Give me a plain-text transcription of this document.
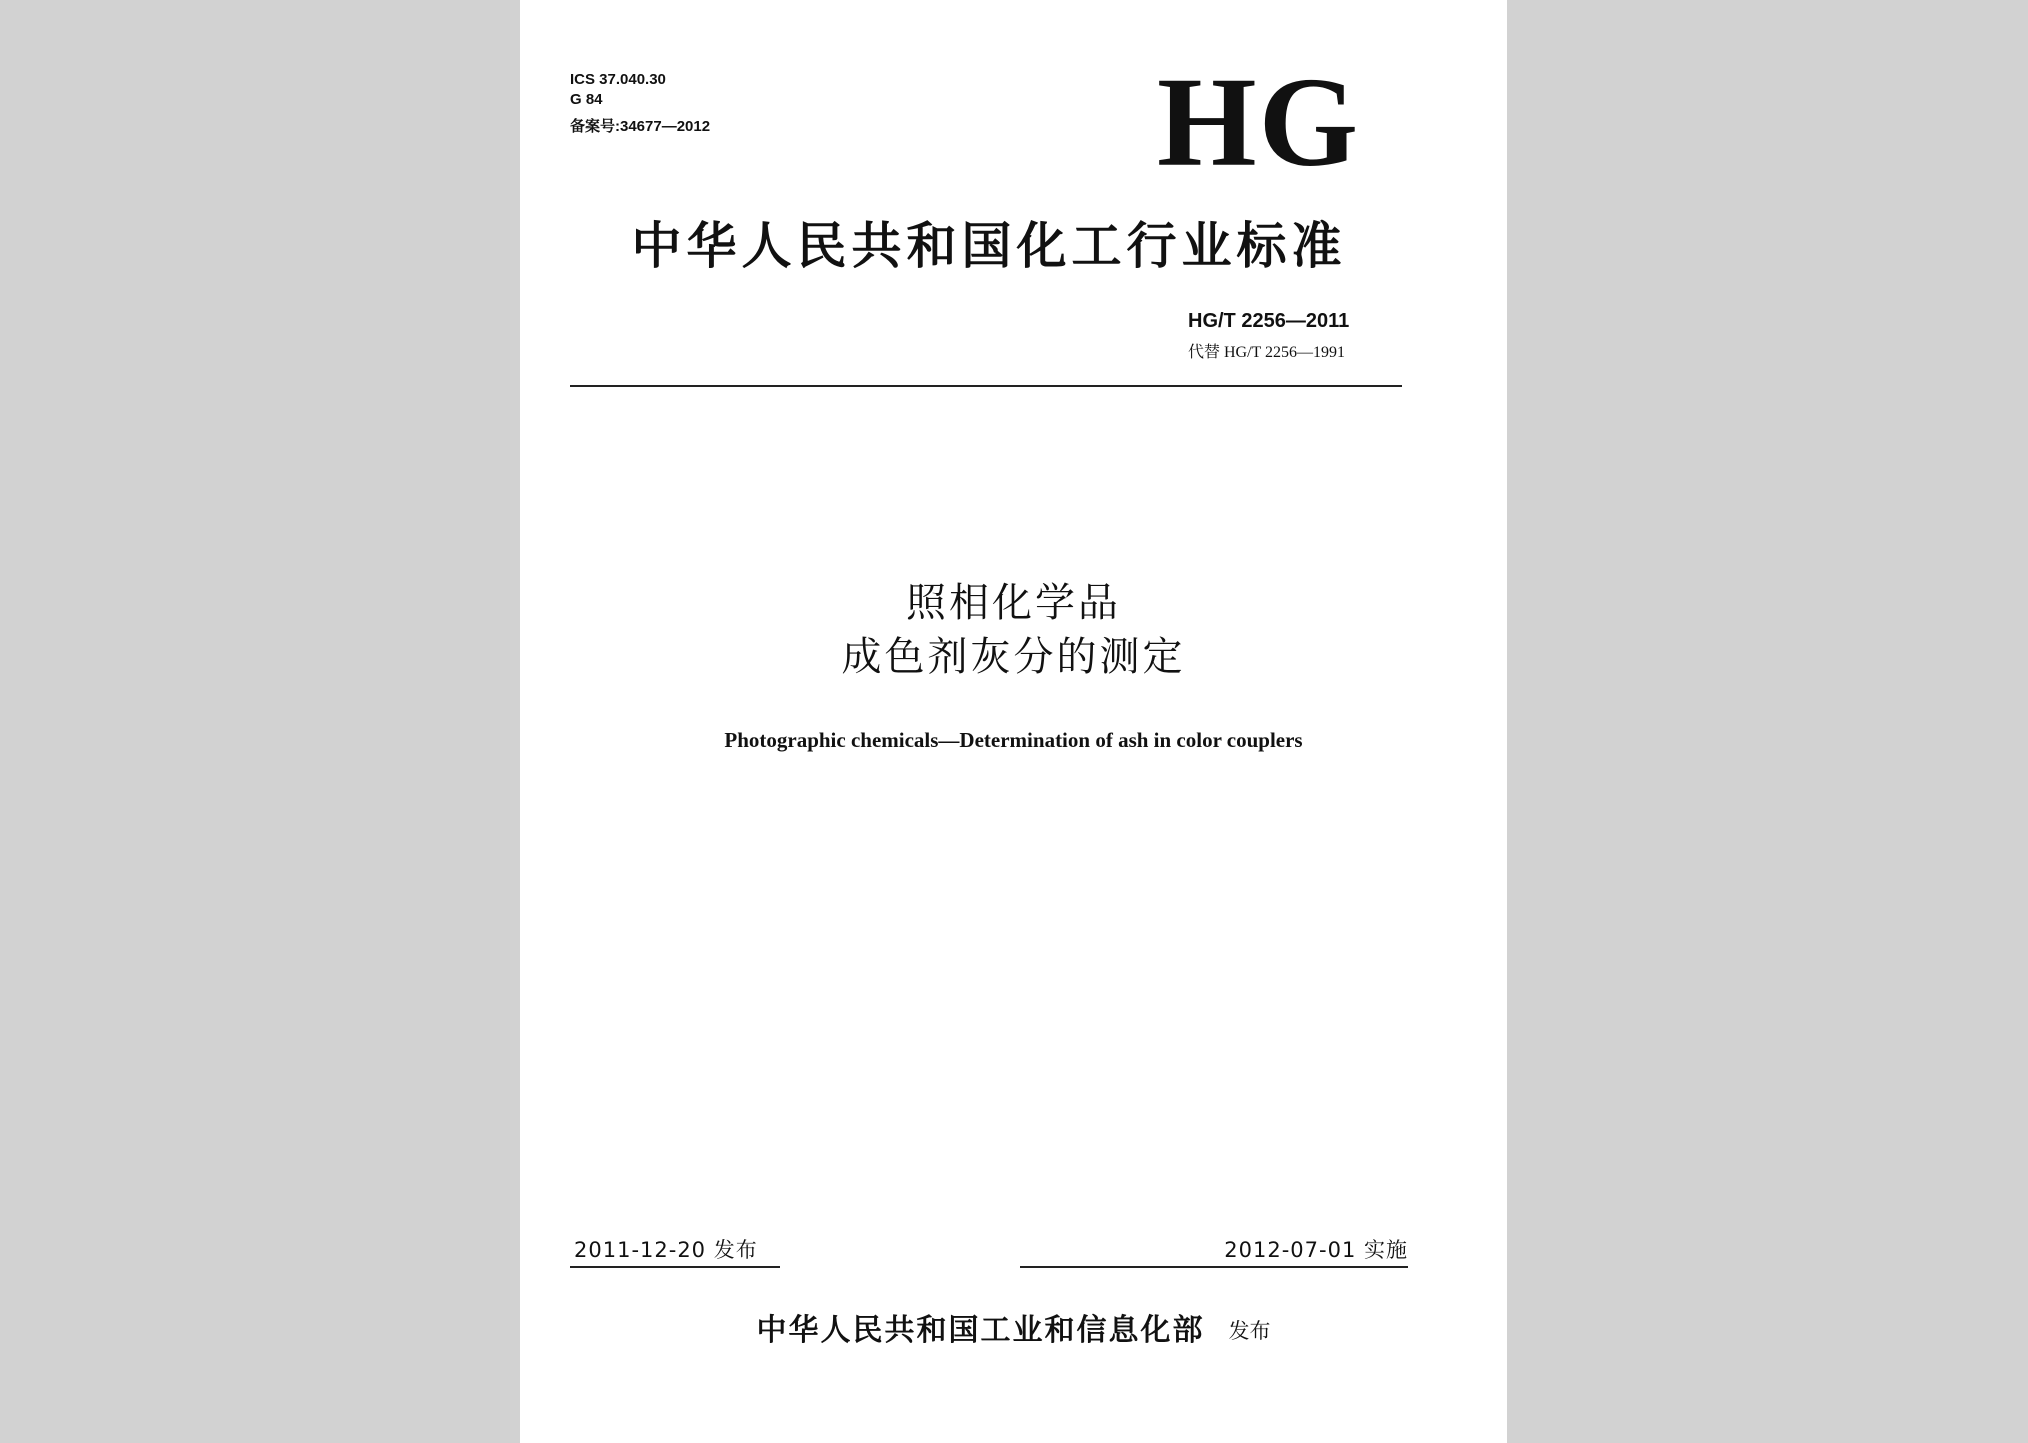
ICS 37.040.30
G 84
备案号:34677—2012	HG
中华人民共和国化工行业标准
HG/T 2256—2011
代替 HG/T 2256—1991
照相化学品
成色剂灰分的测定
Photographic chemicals—Determination of ash in color couplers
2011-12-20 发布	2012-07-01 实施
中华人民共和国工业和信息化部 发布
